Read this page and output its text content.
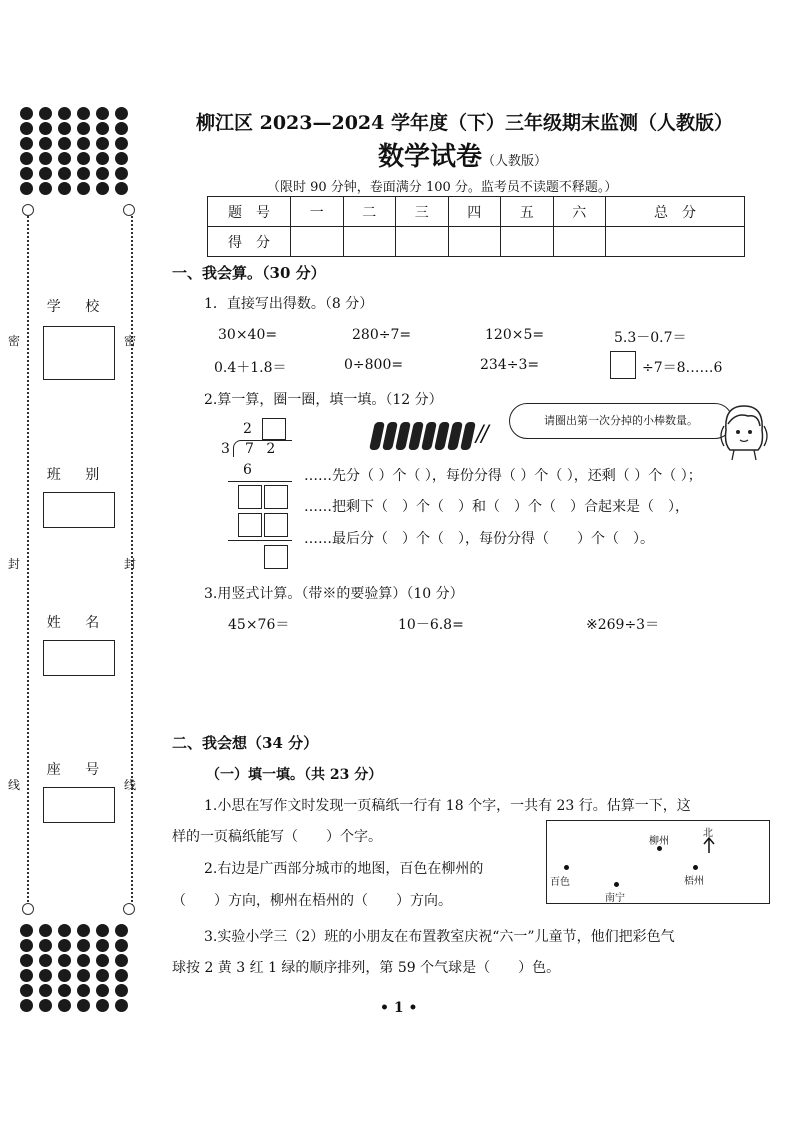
学 校
班 别
姓 名
座 号
密	密
封	封
线	线
柳江区 2023—2024 学年度（下）三年级期末监测（人教版）
数学试卷（人教版）
（限时 90 分钟，卷面满分 100 分。监考员不读题不释题。）
题　号	一	二	三	四	五	六	总　分
得　分							
一、我会算。（30 分）
1．直接写出得数。（8 分）
30×40=	280÷7=	120×5=	5.3－0.7＝
0.4＋1.8＝	0÷800=	234÷3=	÷7＝8……6
2.算一算，圈一圈，填一填。（12 分）
2
3 7 2
6
//
请圈出第一次分掉的小棒数量。
……先分（ ）个（ ），每份分得（ ）个（ ），还剩（ ）个（ ）；
……把剩下（　）个（　）和（　）个（　）合起来是（　），
……最后分（　）个（　），每份分得（　　）个（　）。
3.用竖式计算。（带※的要验算）（10 分）
45×76＝	10－6.8=	※269÷3＝
二、我会想（34 分）
（一）填一填。（共 23 分）
1.小思在写作文时发现一页稿纸一行有 18 个字，一共有 23 行。估算一下，这
样的一页稿纸能写（　　）个字。
2.右边是广西部分城市的地图，百色在柳州的
（　　）方向，柳州在梧州的（　　）方向。
3.实验小学三（2）班的小朋友在布置教室庆祝“六一”儿童节，他们把彩色气
球按 2 黄 3 红 1 绿的顺序排列，第 59 个气球是（　　）色。
北
柳州
百色	梧州
南宁
• 1 •
